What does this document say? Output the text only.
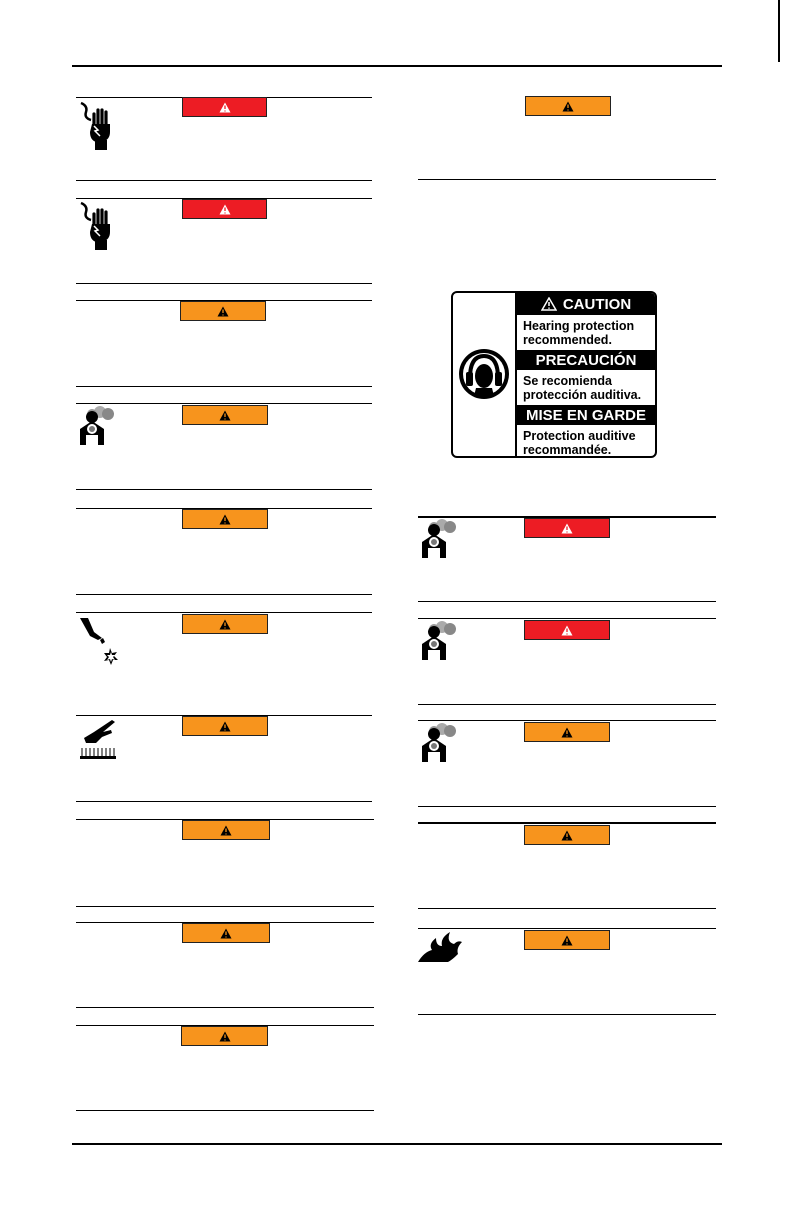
CAUTION
Hearing protection recommended.
PRECAUCIÓN
Se recomienda protección auditiva.
MISE EN GARDE
Protection auditive recommandée.
